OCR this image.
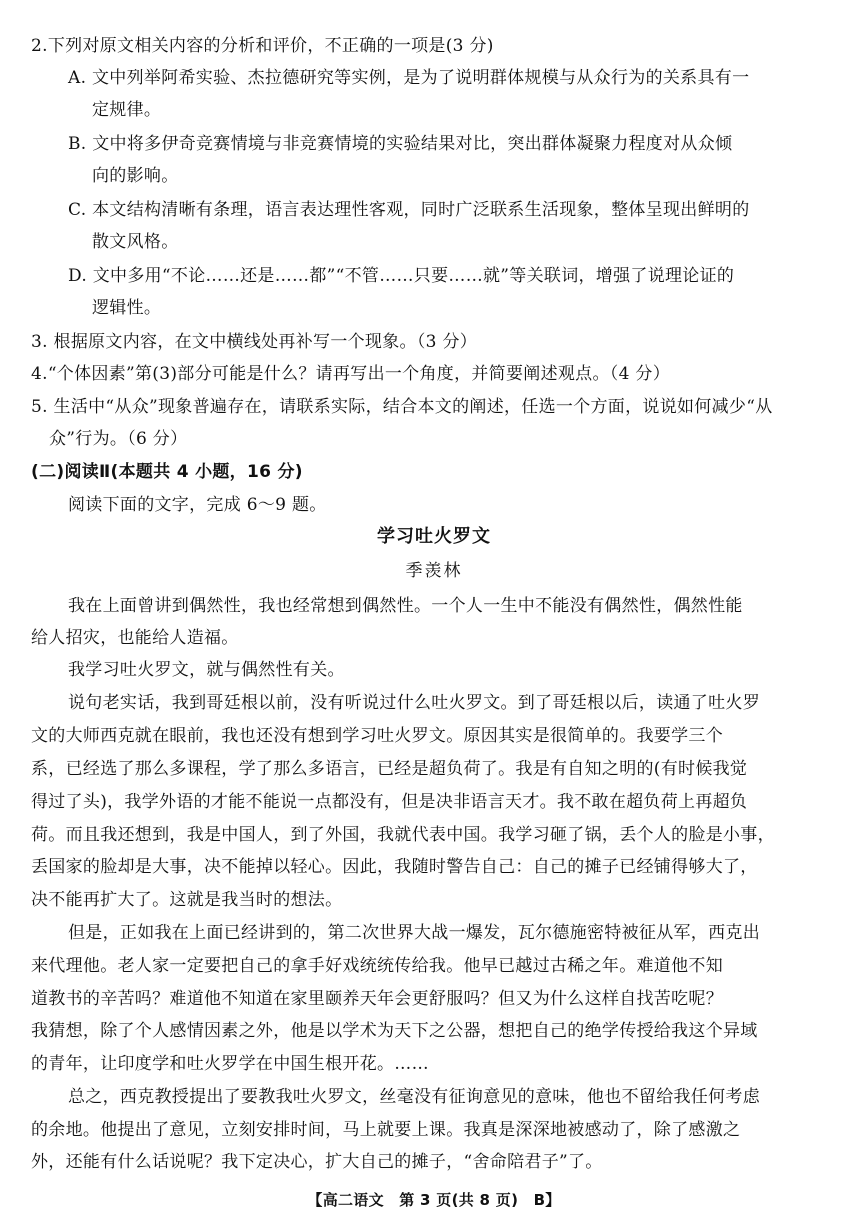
2.下列对原文相关内容的分析和评价，不正确的一项是(3 分)
A. 文中列举阿希实验、杰拉德研究等实例，是为了说明群体规模与从众行为的关系具有一
定规律。
B. 文中将多伊奇竞赛情境与非竞赛情境的实验结果对比，突出群体凝聚力程度对从众倾
向的影响。
C. 本文结构清晰有条理，语言表达理性客观，同时广泛联系生活现象，整体呈现出鲜明的
散文风格。
D. 文中多用“不论……还是……都”“不管……只要……就”等关联词，增强了说理论证的
逻辑性。
3. 根据原文内容，在文中横线处再补写一个现象。（3 分）
4.“个体因素”第(3)部分可能是什么？请再写出一个角度，并简要阐述观点。（4 分）
5. 生活中“从众”现象普遍存在，请联系实际，结合本文的阐述，任选一个方面，说说如何减少“从
众”行为。（6 分）
(二)阅读Ⅱ(本题共 4 小题，16 分)
阅读下面的文字，完成 6～9 题。
学习吐火罗文
季羡林
我在上面曾讲到偶然性，我也经常想到偶然性。一个人一生中不能没有偶然性，偶然性能
给人招灾，也能给人造福。
我学习吐火罗文，就与偶然性有关。
说句老实话，我到哥廷根以前，没有听说过什么吐火罗文。到了哥廷根以后，读通了吐火罗
文的大师西克就在眼前，我也还没有想到学习吐火罗文。原因其实是很简单的。我要学三个
系，已经选了那么多课程，学了那么多语言，已经是超负荷了。我是有自知之明的(有时候我觉
得过了头)，我学外语的才能不能说一点都没有，但是决非语言天才。我不敢在超负荷上再超负
荷。而且我还想到，我是中国人，到了外国，我就代表中国。我学习砸了锅，丢个人的脸是小事，
丢国家的脸却是大事，决不能掉以轻心。因此，我随时警告自己：自己的摊子已经铺得够大了，
决不能再扩大了。这就是我当时的想法。
但是，正如我在上面已经讲到的，第二次世界大战一爆发，瓦尔德施密特被征从军，西克出
来代理他。老人家一定要把自己的拿手好戏统统传给我。他早已越过古稀之年。难道他不知
道教书的辛苦吗？难道他不知道在家里颐养天年会更舒服吗？但又为什么这样自找苦吃呢？
我猜想，除了个人感情因素之外，他是以学术为天下之公器，想把自己的绝学传授给我这个异域
的青年，让印度学和吐火罗学在中国生根开花。……
总之，西克教授提出了要教我吐火罗文，丝毫没有征询意见的意味，他也不留给我任何考虑
的余地。他提出了意见，立刻安排时间，马上就要上课。我真是深深地被感动了，除了感激之
外，还能有什么话说呢？我下定决心，扩大自己的摊子，“舍命陪君子”了。
【高二语文　第 3 页(共 8 页)　B】
